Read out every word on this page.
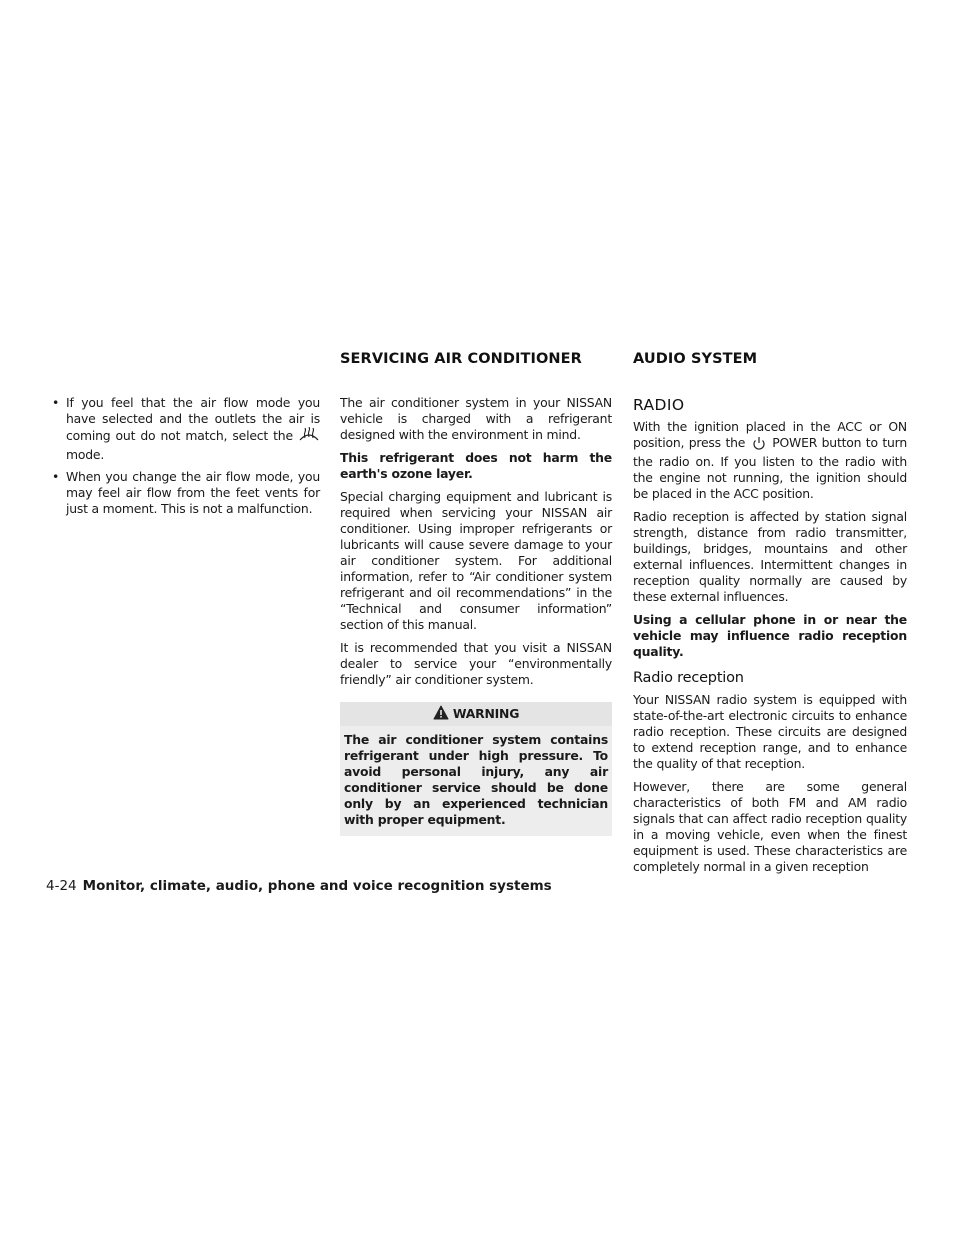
SERVICING AIR CONDITIONER	AUDIO SYSTEM
• If you feel that the air flow mode you have selected and the outlets the air is coming out do not match, select the  mode.
• When you change the air flow mode, you may feel air flow from the feet vents for just a moment. This is not a malfunction.

The air conditioner system in your NISSAN vehicle is charged with a refrigerant designed with the environment in mind.

This refrigerant does not harm the earth's ozone layer.

Special charging equipment and lubricant is required when servicing your NISSAN air conditioner. Using improper refrigerants or lubricants will cause severe damage to your air conditioner system. For additional information, refer to “Air conditioner system refrigerant and oil recommendations” in the “Technical and consumer information” section of this manual.

It is recommended that you visit a NISSAN dealer to service your “environmentally friendly” air conditioner system.

WARNING
The air conditioner system contains refrigerant under high pressure. To avoid personal injury, any air conditioner service should be done only by an experienced technician with proper equipment.
RADIO

With the ignition placed in the ACC or ON position, press the POWER button to turn the radio on. If you listen to the radio with the engine not running, the ignition should be placed in the ACC position.

Radio reception is affected by station signal strength, distance from radio transmitter, buildings, bridges, mountains and other external influences. Intermittent changes in reception quality normally are caused by these external influences.

Using a cellular phone in or near the vehicle may influence radio reception quality.

Radio reception

Your NISSAN radio system is equipped with state-of-the-art electronic circuits to enhance radio reception. These circuits are designed to extend reception range, and to enhance the quality of that reception.

However, there are some general characteristics of both FM and AM radio signals that can affect radio reception quality in a moving vehicle, even when the finest equipment is used. These characteristics are completely normal in a given reception

4-24 Monitor, climate, audio, phone and voice recognition systems
